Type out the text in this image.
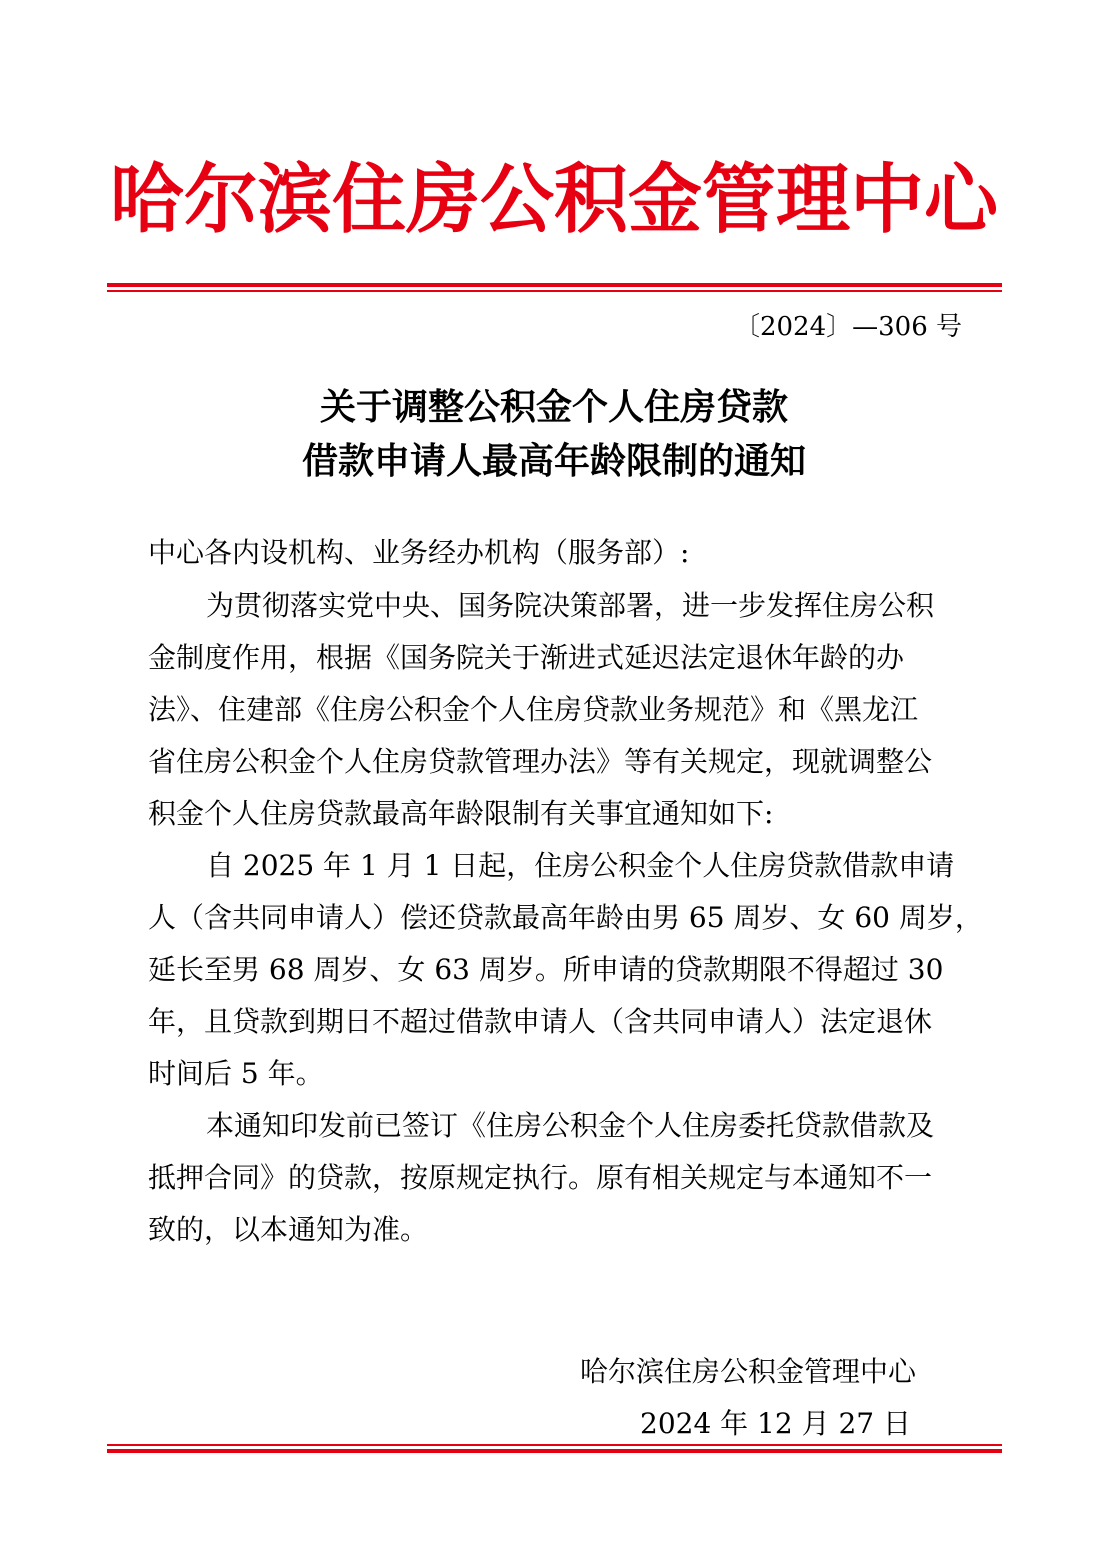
哈尔滨住房公积金管理中心
〔2024〕—306 号
关于调整公积金个人住房贷款
借款申请人最高年龄限制的通知
中心各内设机构、业务经办机构（服务部）:
为贯彻落实党中央、国务院决策部署，进一步发挥住房公积
金制度作用，根据《国务院关于渐进式延迟法定退休年龄的办
法》、住建部《住房公积金个人住房贷款业务规范》和《黑龙江
省住房公积金个人住房贷款管理办法》等有关规定，现就调整公
积金个人住房贷款最高年龄限制有关事宜通知如下:
自 2025 年 1 月 1 日起，住房公积金个人住房贷款借款申请
人（含共同申请人）偿还贷款最高年龄由男 65 周岁、女 60 周岁，
延长至男 68 周岁、女 63 周岁。所申请的贷款期限不得超过 30
年，且贷款到期日不超过借款申请人（含共同申请人）法定退休
时间后 5 年。
本通知印发前已签订《住房公积金个人住房委托贷款借款及
抵押合同》的贷款，按原规定执行。原有相关规定与本通知不一
致的，以本通知为准。
哈尔滨住房公积金管理中心
2024 年 12 月 27 日
